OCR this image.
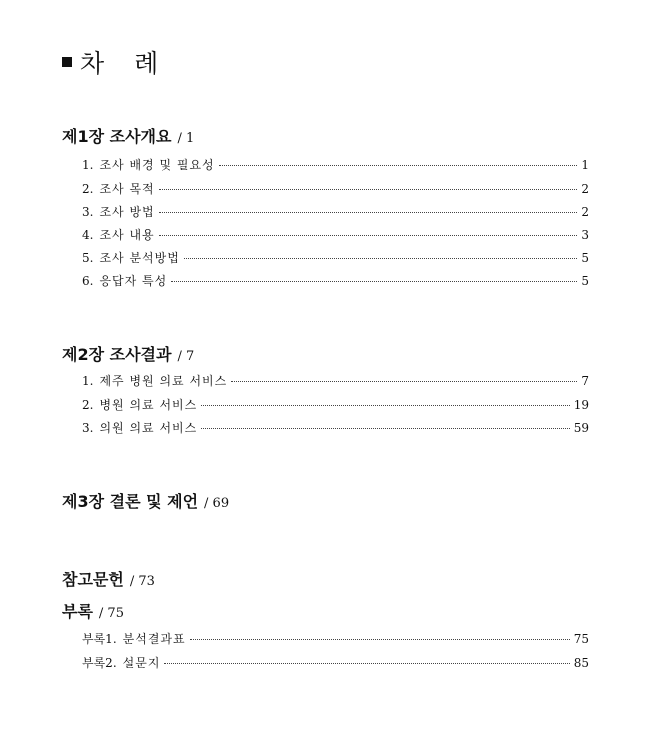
차 례
제1장 조사개요 / 1
1. 조사 배경 및 필요성	1
2. 조사 목적	2
3. 조사 방법	2
4. 조사 내용	3
5. 조사 분석방법	5
6. 응답자 특성	5
제2장 조사결과 / 7
1. 제주 병원 의료 서비스	7
2. 병원 의료 서비스	19
3. 의원 의료 서비스	59
제3장 결론 및 제언 / 69
참고문헌 / 73
부록 / 75
부록1. 분석결과표	75
부록2. 설문지	85
